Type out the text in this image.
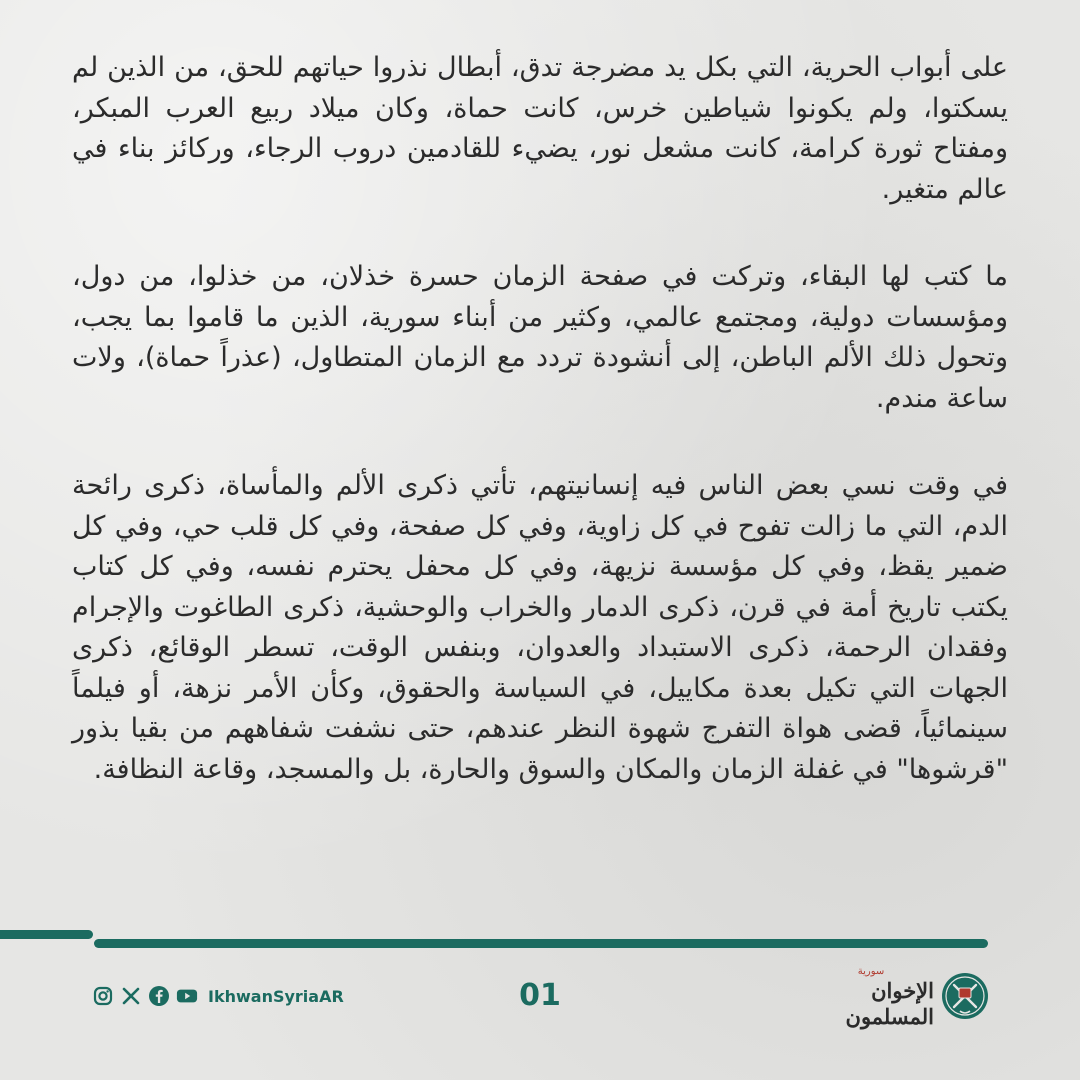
على أبواب الحرية، التي بكل يد مضرجة تدق، أبطال نذروا حياتهم للحق، من الذين لم يسكتوا، ولم يكونوا شياطين خرس، كانت حماة، وكان ميلاد ربيع العرب المبكر، ومفتاح ثورة كرامة، كانت مشعل نور، يضيء للقادمين دروب الرجاء، وركائز بناء في عالم متغير.

ما كتب لها البقاء، وتركت في صفحة الزمان حسرة خذلان، من خذلوا، من دول، ومؤسسات دولية، ومجتمع عالمي، وكثير من أبناء سورية، الذين ما قاموا بما يجب، وتحول ذلك الألم الباطن، إلى أنشودة تردد مع الزمان المتطاول، (عذراً حماة)، ولات ساعة مندم.

في وقت نسي بعض الناس فيه إنسانيتهم، تأتي ذكرى الألم والمأساة، ذكرى رائحة الدم، التي ما زالت تفوح في كل زاوية، وفي كل صفحة، وفي كل قلب حي، وفي كل ضمير يقظ، وفي كل مؤسسة نزيهة، وفي كل محفل يحترم نفسه، وفي كل كتاب يكتب تاريخ أمة في قرن، ذكرى الدمار والخراب والوحشية، ذكرى الطاغوت والإجرام وفقدان الرحمة، ذكرى الاستبداد والعدوان، وبنفس الوقت، تسطر الوقائع، ذكرى الجهات التي تكيل بعدة مكاييل، في السياسة والحقوق، وكأن الأمر نزهة، أو فيلماً سينمائياً، قضى هواة التفرج شهوة النظر عندهم، حتى نشفت شفاههم من بقيا بذور "قرشوها" في غفلة الزمان والمكان والسوق والحارة، بل والمسجد، وقاعة النظافة.

IkhwanSyriaAR	01
سورية
الإخوان المسلمون
